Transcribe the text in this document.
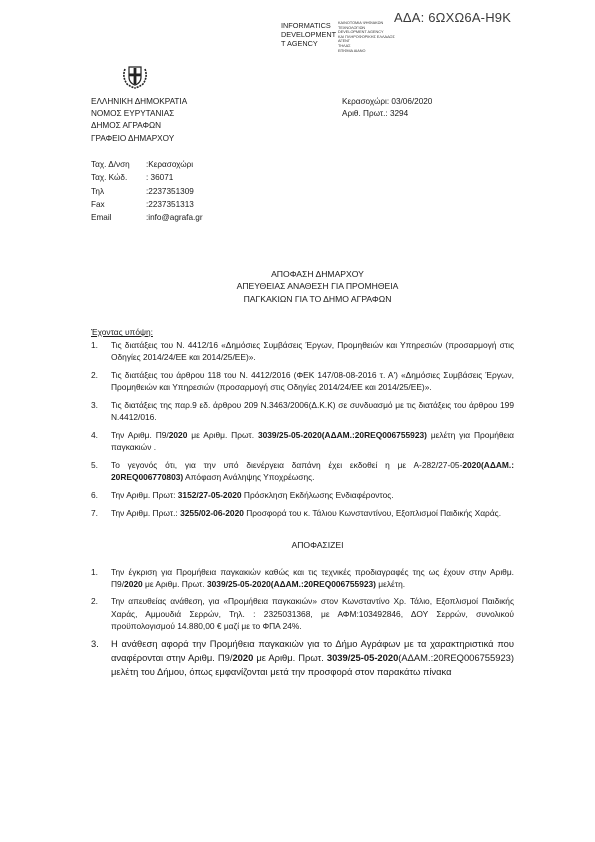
ΑΔΑ: 6ΩΧΩ6Α-Η9Κ
INFORMATICS
DEVELOPMENT
T AGENCY
ΚΑΙΝΟΤΟΜΙΑ ΨΗΦΙΑΚΩΝ
ΤΕΧΝΟΛΟΓΙΩΝ
DEVELOPMENT AGENCY
ΚΑΙ ΠΛΗΡΟΦΟΡΙΚΗΣ ΕΛΛΑΔΟΣ
ΑΓΕΝΓ
ΤΗΛΑΣ
ΕΠΙΦΜΑ ΑΙΑΝΟ
ΕΛΛΗΝΙΚΗ ΔΗΜΟΚΡΑΤΙΑ
ΝΟΜΟΣ ΕΥΡΥΤΑΝΙΑΣ
ΔΗΜΟΣ ΑΓΡΑΦΩΝ
ΓΡΑΦΕΙΟ ΔΗΜΑΡΧΟΥ
Κερασοχώρι: 03/06/2020
Αριθ. Πρωτ.: 3294
Ταχ. Δ/νση	:Κερασοχώρι
Ταχ. Κώδ.	: 36071
Τηλ	:2237351309
Fax	:2237351313
Email	:info@agrafa.gr
ΑΠΟΦΑΣΗ ΔΗΜΑΡΧΟΥ
ΑΠΕΥΘΕΙΑΣ ΑΝΑΘΕΣΗ ΓΙΑ ΠΡΟΜΗΘΕΙΑ
ΠΑΓΚΑΚΙΩΝ ΓΙΑ ΤΟ ΔΗΜΟ ΑΓΡΑΦΩΝ
Έχοντας υπόψη:
1. Τις διατάξεις του Ν. 4412/16 «Δημόσιες Συμβάσεις Έργων, Προμηθειών και Υπηρεσιών (προσαρμογή στις Οδηγίες 2014/24/ΕΕ και 2014/25/ΕΕ)».
2. Τις διατάξεις του άρθρου 118 του Ν. 4412/2016 (ΦΕΚ 147/08-08-2016 τ. Α') «Δημόσιες Συμβάσεις Έργων, Προμηθειών και Υπηρεσιών (προσαρμογή στις Οδηγίες 2014/24/ΕΕ και 2014/25/ΕΕ)».
3. Τις διατάξεις της παρ.9 εδ. άρθρου 209 Ν.3463/2006(Δ.Κ.Κ) σε συνδυασμό με τις διατάξεις του άρθρου 199 Ν.4412/016.
4. Την Αριθμ. Π9/2020 με Αριθμ. Πρωτ. 3039/25-05-2020(ΑΔΑΜ.:20REQ006755923) μελέτη για Προμήθεια παγκακιών .
5. Το γεγονός ότι, για την υπό διενέργεια δαπάνη έχει εκδοθεί η με Α-282/27-05-2020(ΑΔΑΜ.: 20REQ006770803) Απόφαση Ανάληψης Υποχρέωσης.
6. Την Αριθμ. Πρωτ: 3152/27-05-2020 Πρόσκληση Εκδήλωσης Ενδιαφέροντος.
7. Την Αριθμ. Πρωτ.: 3255/02-06-2020 Προσφορά του κ. Τάλιου Κωνσταντίνου, Εξοπλισμοί Παιδικής Χαράς.
ΑΠΟΦΑΣΙΖΕΙ
1. Την έγκριση για Προμήθεια παγκακιών καθώς και τις τεχνικές προδιαγραφές της ως έχουν στην Αριθμ. Π9/2020 με Αριθμ. Πρωτ. 3039/25-05-2020(ΑΔΑΜ.:20REQ006755923) μελέτη.
2. Την απευθείας ανάθεση, για «Προμήθεια παγκακιών» στον Κωνσταντίνο Χρ. Τάλιο, Εξοπλισμοί Παιδικής Χαράς, Αμμουδιά Σερρών, Τηλ. : 2325031368, με ΑΦΜ:103492846, ΔΟΥ Σερρών, συνολικού προϋπολογισμού 14.880,00 € μαζί με το ΦΠΑ 24%.
3. Η ανάθεση αφορά την Προμήθεια παγκακιών για το Δήμο Αγράφων με τα χαρακτηριστικά που αναφέρονται στην Αριθμ. Π9/2020 με Αριθμ. Πρωτ. 3039/25-05-2020(ΑΔΑΜ.:20REQ006755923) μελέτη του Δήμου, όπως εμφανίζονται μετά την προσφορά στον παρακάτω πίνακα
